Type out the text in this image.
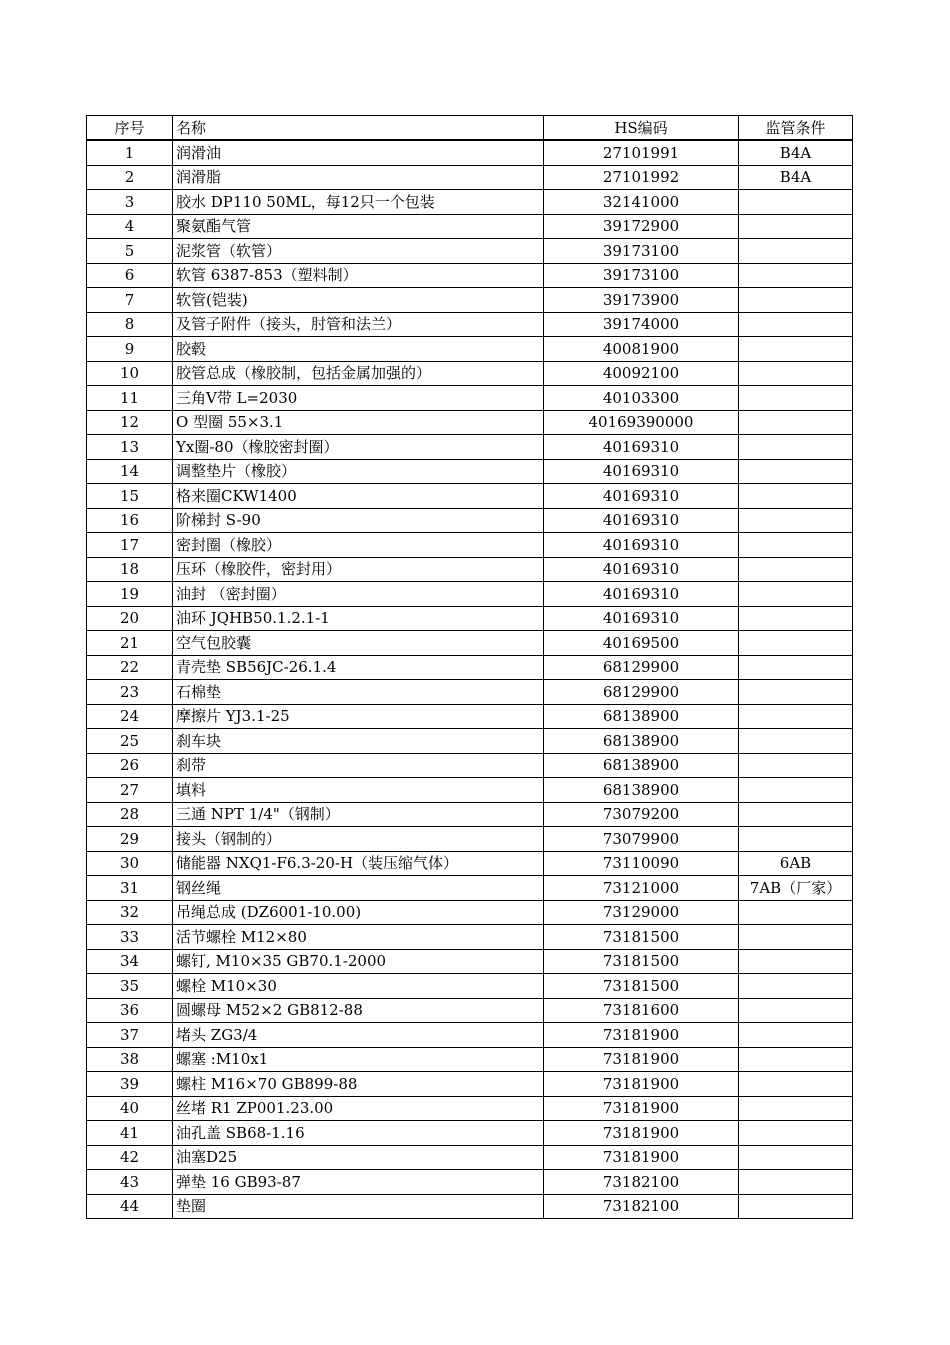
序号	名称	HS编码	监管条件
1	润滑油	27101991	B4A
2	润滑脂	27101992	B4A
3	胶水 DP110 50ML，每12只一个包装	32141000	
4	聚氨酯气管	39172900	
5	泥浆管（软管）	39173100	
6	软管 6387-853（塑料制）	39173100	
7	软管(铠装)	39173900	
8	及管子附件（接头，肘管和法兰）	39174000	
9	胶毂	40081900	
10	胶管总成（橡胶制，包括金属加强的）	40092100	
11	三角V带 L=2030	40103300	
12	O 型圈 55×3.1	40169390000	
13	Yx圈-80（橡胶密封圈）	40169310	
14	调整垫片（橡胶）	40169310	
15	格来圈CKW1400	40169310	
16	阶梯封 S-90	40169310	
17	密封圈（橡胶）	40169310	
18	压环（橡胶件，密封用）	40169310	
19	油封 （密封圈）	40169310	
20	油环 JQHB50.1.2.1-1	40169310	
21	空气包胶囊	40169500	
22	青壳垫 SB56JC-26.1.4	68129900	
23	石棉垫	68129900	
24	摩擦片 YJ3.1-25	68138900	
25	刹车块	68138900	
26	刹带	68138900	
27	填料	68138900	
28	三通 NPT 1/4"（钢制）	73079200	
29	接头（钢制的）	73079900	
30	储能器 NXQ1-F6.3-20-H（装压缩气体）	73110090	6AB
31	钢丝绳	73121000	7AB（厂家）
32	吊绳总成 (DZ6001-10.00)	73129000	
33	活节螺栓 M12×80	73181500	
34	螺钉, M10×35 GB70.1-2000	73181500	
35	螺栓 M10×30	73181500	
36	圆螺母 M52×2 GB812-88	73181600	
37	堵头 ZG3/4	73181900	
38	螺塞 :M10x1	73181900	
39	螺柱 M16×70 GB899-88	73181900	
40	丝堵 R1 ZP001.23.00	73181900	
41	油孔盖 SB68-1.16	73181900	
42	油塞D25	73181900	
43	弹垫 16 GB93-87	73182100	
44	垫圈	73182100	
